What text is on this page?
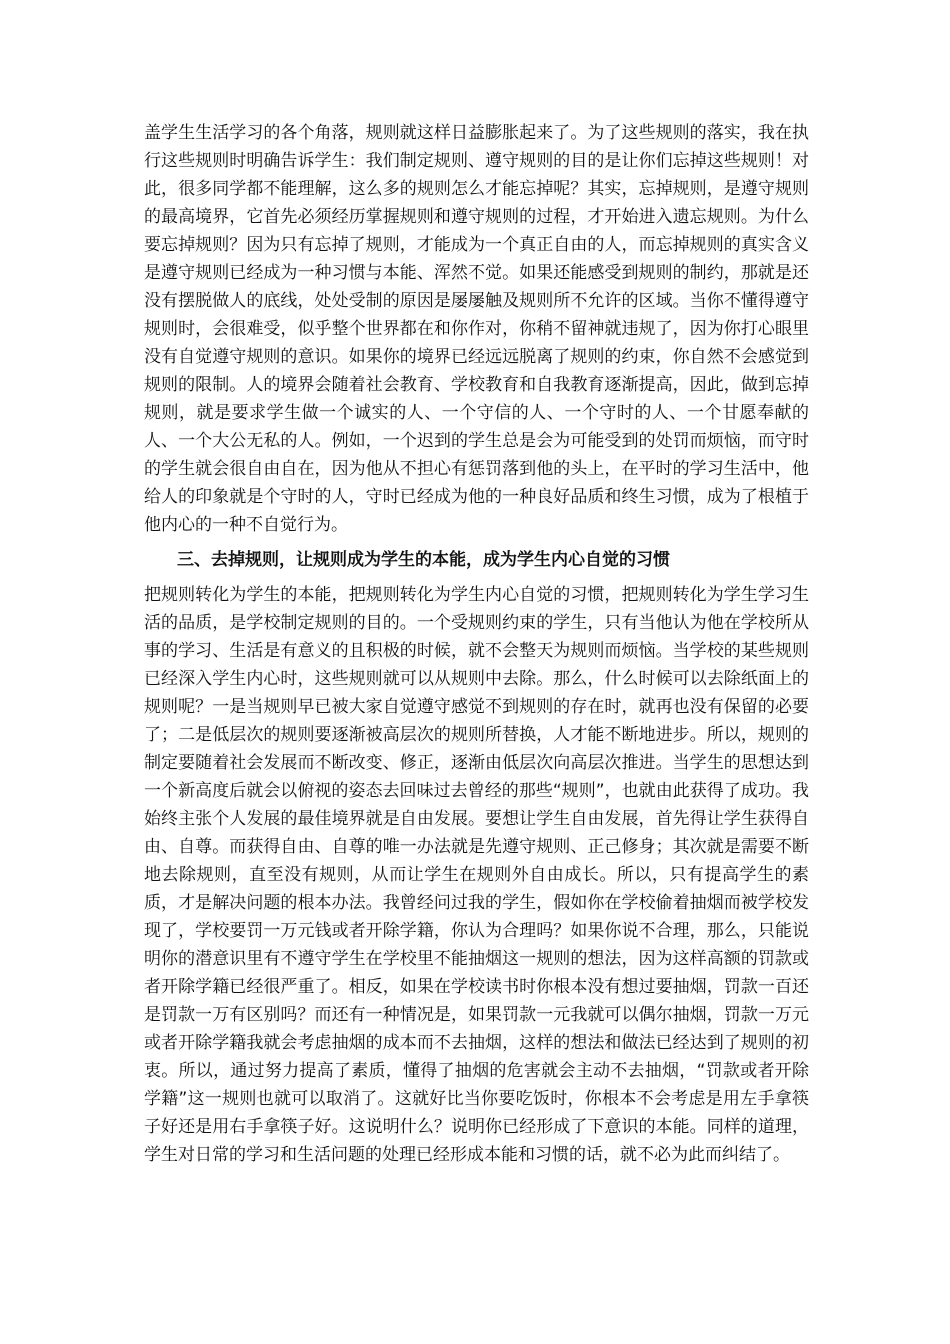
盖学生生活学习的各个角落，规则就这样日益膨胀起来了。为了这些规则的落实，我在执行这些规则时明确告诉学生：我们制定规则、遵守规则的目的是让你们忘掉这些规则！对此，很多同学都不能理解，这么多的规则怎么才能忘掉呢？其实，忘掉规则，是遵守规则的最高境界，它首先必须经历掌握规则和遵守规则的过程，才开始进入遗忘规则。为什么要忘掉规则？因为只有忘掉了规则，才能成为一个真正自由的人，而忘掉规则的真实含义是遵守规则已经成为一种习惯与本能、浑然不觉。如果还能感受到规则的制约，那就是还没有摆脱做人的底线，处处受制的原因是屡屡触及规则所不允许的区域。当你不懂得遵守规则时，会很难受，似乎整个世界都在和你作对，你稍不留神就违规了，因为你打心眼里没有自觉遵守规则的意识。如果你的境界已经远远脱离了规则的约束，你自然不会感觉到规则的限制。人的境界会随着社会教育、学校教育和自我教育逐渐提高，因此，做到忘掉规则，就是要求学生做一个诚实的人、一个守信的人、一个守时的人、一个甘愿奉献的人、一个大公无私的人。例如，一个迟到的学生总是会为可能受到的处罚而烦恼，而守时的学生就会很自由自在，因为他从不担心有惩罚落到他的头上，在平时的学习生活中，他给人的印象就是个守时的人，守时已经成为他的一种良好品质和终生习惯，成为了根植于他内心的一种不自觉行为。

三、去掉规则，让规则成为学生的本能，成为学生内心自觉的习惯

把规则转化为学生的本能，把规则转化为学生内心自觉的习惯，把规则转化为学生学习生活的品质，是学校制定规则的目的。一个受规则约束的学生，只有当他认为他在学校所从事的学习、生活是有意义的且积极的时候，就不会整天为规则而烦恼。当学校的某些规则已经深入学生内心时，这些规则就可以从规则中去除。那么，什么时候可以去除纸面上的规则呢？一是当规则早已被大家自觉遵守感觉不到规则的存在时，就再也没有保留的必要了；二是低层次的规则要逐渐被高层次的规则所替换，人才能不断地进步。所以，规则的制定要随着社会发展而不断改变、修正，逐渐由低层次向高层次推进。当学生的思想达到一个新高度后就会以俯视的姿态去回味过去曾经的那些“规则”，也就由此获得了成功。我始终主张个人发展的最佳境界就是自由发展。要想让学生自由发展，首先得让学生获得自由、自尊。而获得自由、自尊的唯一办法就是先遵守规则、正己修身；其次就是需要不断地去除规则，直至没有规则，从而让学生在规则外自由成长。所以，只有提高学生的素质，才是解决问题的根本办法。我曾经问过我的学生，假如你在学校偷着抽烟而被学校发现了，学校要罚一万元钱或者开除学籍，你认为合理吗？如果你说不合理，那么，只能说明你的潜意识里有不遵守学生在学校里不能抽烟这一规则的想法，因为这样高额的罚款或者开除学籍已经很严重了。相反，如果在学校读书时你根本没有想过要抽烟，罚款一百还是罚款一万有区别吗？而还有一种情况是，如果罚款一元我就可以偶尔抽烟，罚款一万元或者开除学籍我就会考虑抽烟的成本而不去抽烟，这样的想法和做法已经达到了规则的初衷。所以，通过努力提高了素质，懂得了抽烟的危害就会主动不去抽烟，“罚款或者开除学籍”这一规则也就可以取消了。这就好比当你要吃饭时，你根本不会考虑是用左手拿筷子好还是用右手拿筷子好。这说明什么？说明你已经形成了下意识的本能。同样的道理，学生对日常的学习和生活问题的处理已经形成本能和习惯的话，就不必为此而纠结了。
